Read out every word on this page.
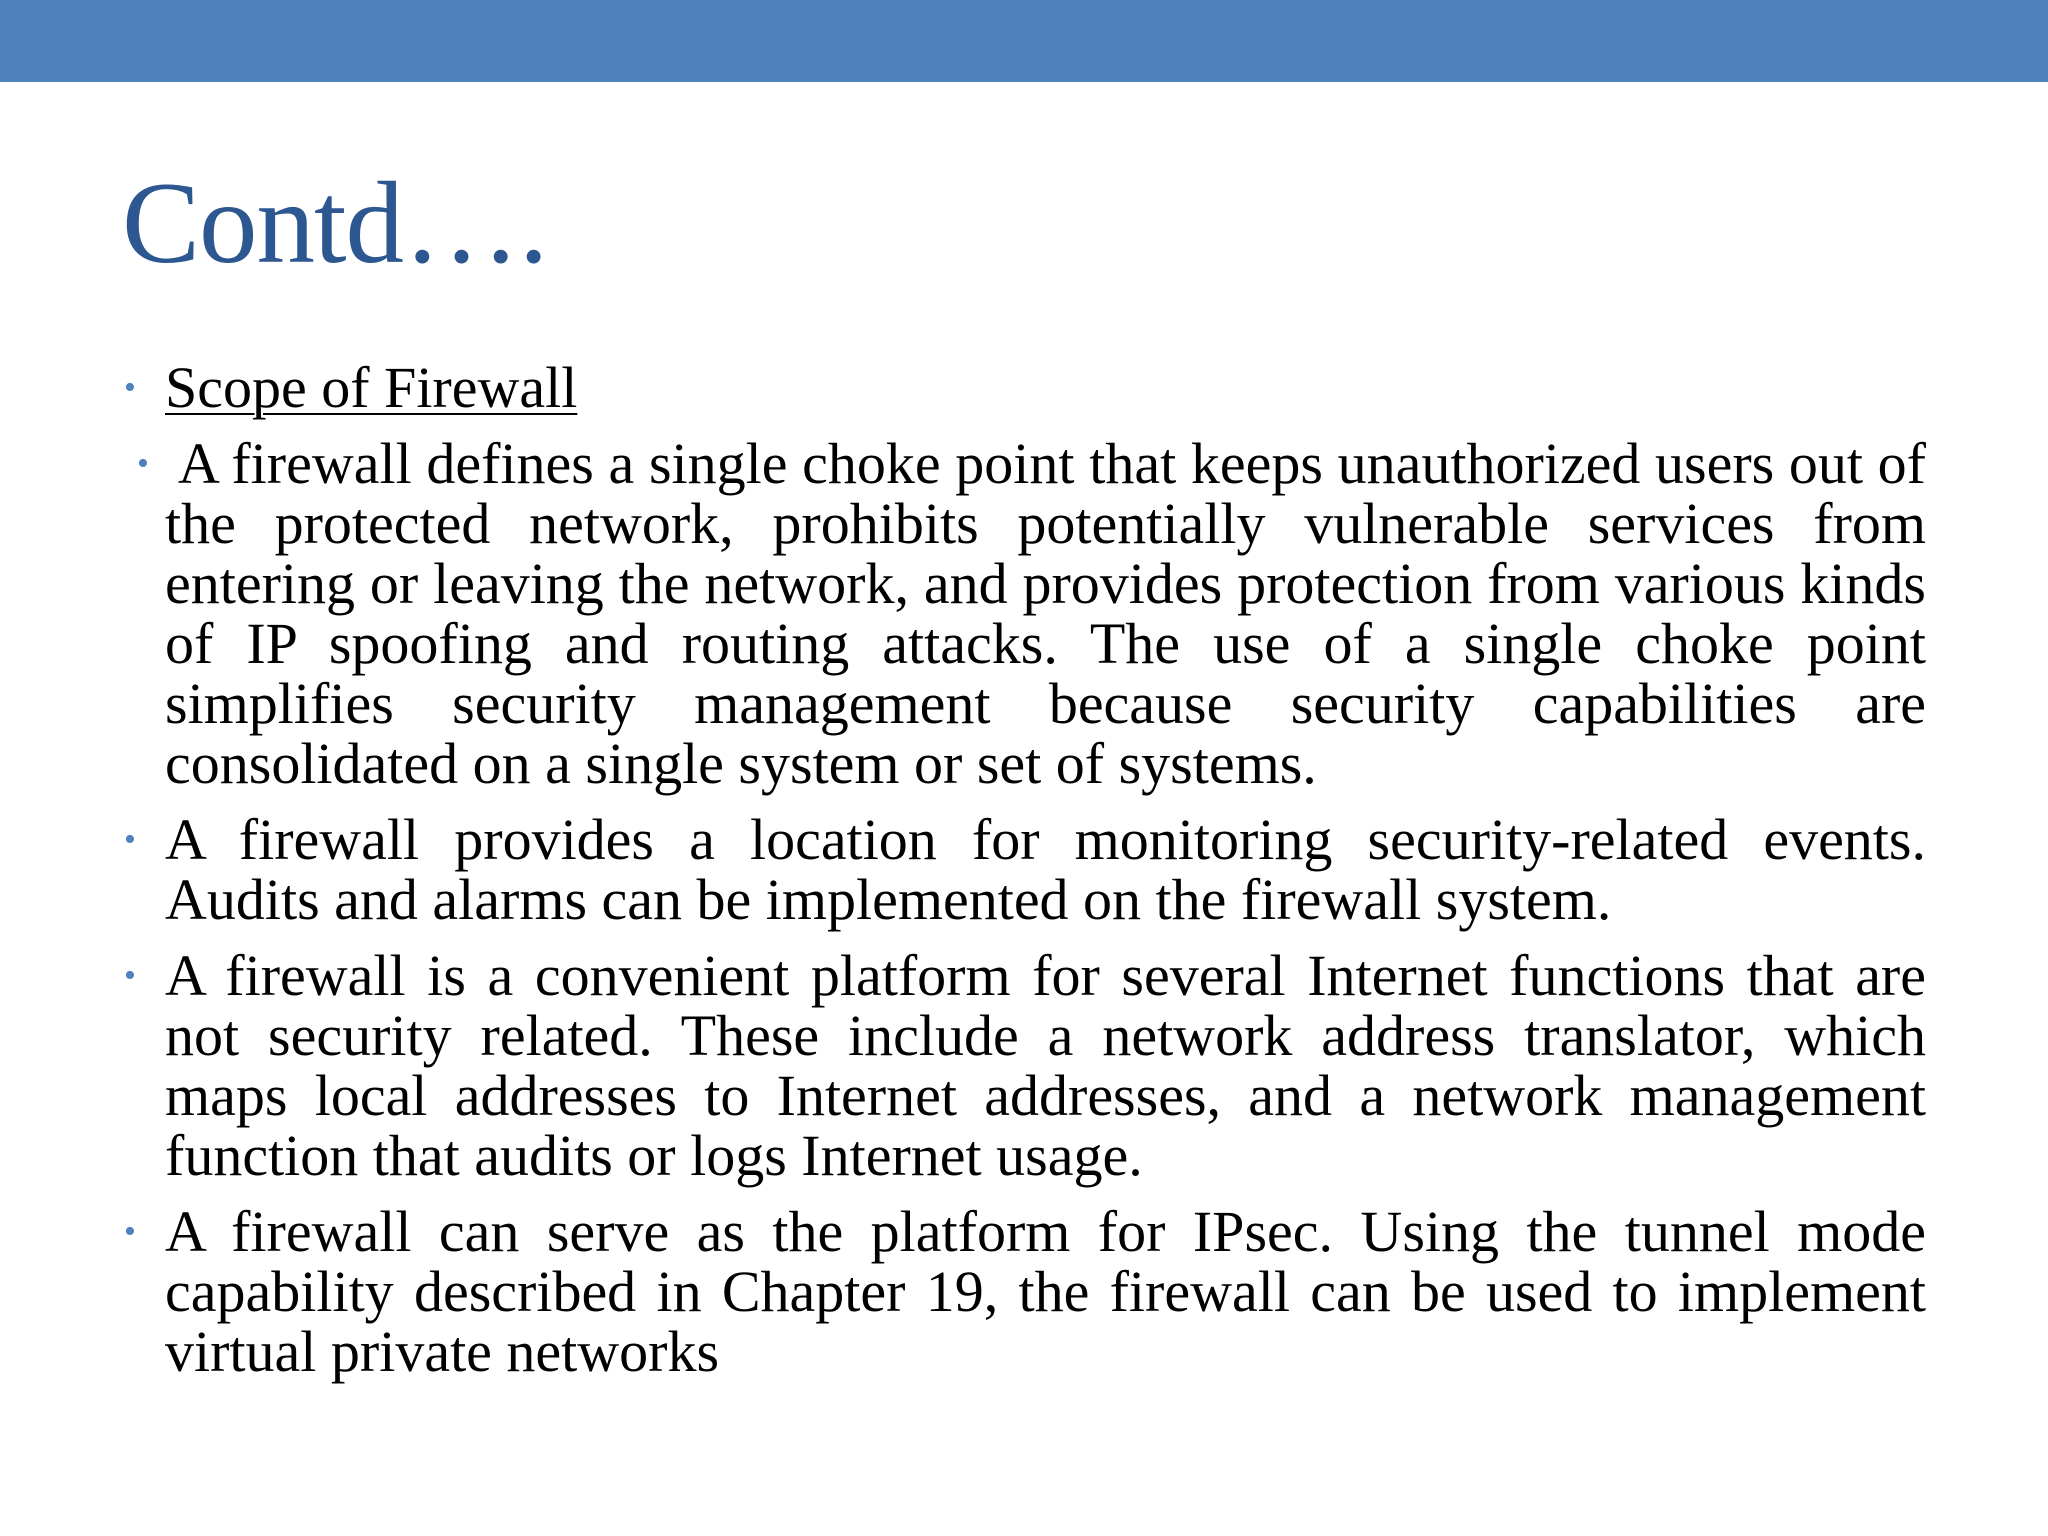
Contd….
• Scope of Firewall
• A firewall defines a single choke point that keeps unauthorized users out of the protected network, prohibits potentially vulnerable services from entering or leaving the network, and provides protection from various kinds of IP spoofing and routing attacks. The use of a single choke point simplifies security management because security capabilities are consolidated on a single system or set of systems.
• A firewall provides a location for monitoring security-related events. Audits and alarms can be implemented on the firewall system.
• A firewall is a convenient platform for several Internet functions that are not security related. These include a network address translator, which maps local addresses to Internet addresses, and a network management function that audits or logs Internet usage.
• A firewall can serve as the platform for IPsec. Using the tunnel mode capability described in Chapter 19, the firewall can be used to implement virtual private networks
